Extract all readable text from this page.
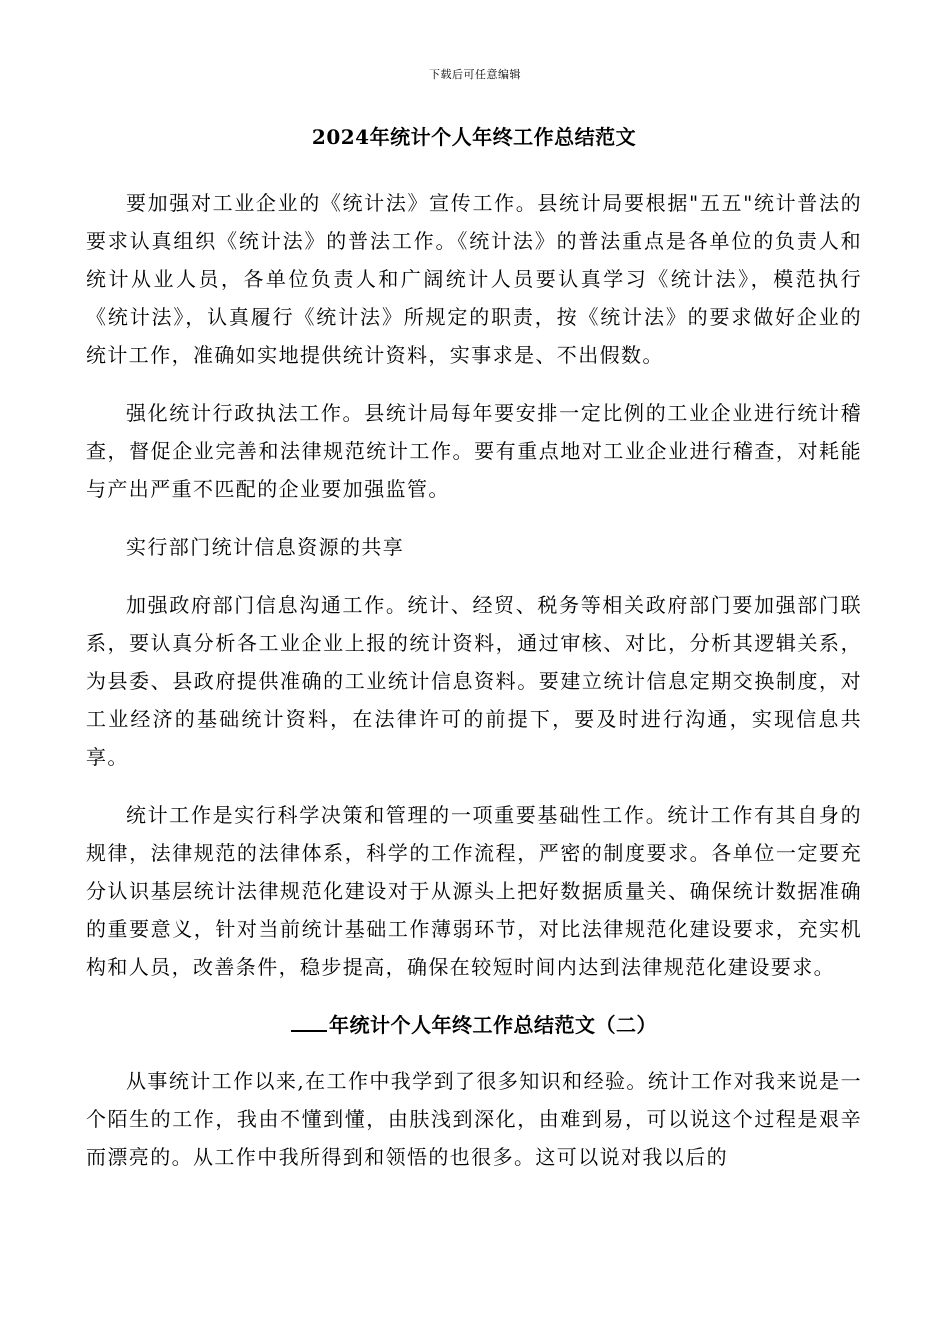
下载后可任意编辑
2024年统计个人年终工作总结范文

要加强对工业企业的《统计法》宣传工作。县统计局要根据"五五"统计普法的要求认真组织《统计法》的普法工作。《统计法》的普法重点是各单位的负责人和统计从业人员，各单位负责人和广阔统计人员要认真学习《统计法》，模范执行《统计法》，认真履行《统计法》所规定的职责，按《统计法》的要求做好企业的统计工作，准确如实地提供统计资料，实事求是、不出假数。

强化统计行政执法工作。县统计局每年要安排一定比例的工业企业进行统计稽查，督促企业完善和法律规范统计工作。要有重点地对工业企业进行稽查，对耗能与产出严重不匹配的企业要加强监管。

实行部门统计信息资源的共享

加强政府部门信息沟通工作。统计、经贸、税务等相关政府部门要加强部门联系，要认真分析各工业企业上报的统计资料，通过审核、对比，分析其逻辑关系，为县委、县政府提供准确的工业统计信息资料。要建立统计信息定期交换制度，对工业经济的基础统计资料，在法律许可的前提下，要及时进行沟通，实现信息共享。

统计工作是实行科学决策和管理的一项重要基础性工作。统计工作有其自身的规律，法律规范的法律体系，科学的工作流程，严密的制度要求。各单位一定要充分认识基层统计法律规范化建设对于从源头上把好数据质量关、确保统计数据准确的重要意义，针对当前统计基础工作薄弱环节，对比法律规范化建设要求，充实机构和人员，改善条件，稳步提高，确保在较短时间内达到法律规范化建设要求。

年统计个人年终工作总结范文（二）

从事统计工作以来,在工作中我学到了很多知识和经验。统计工作对我来说是一个陌生的工作，我由不懂到懂，由肤浅到深化，由难到易，可以说这个过程是艰辛而漂亮的。从工作中我所得到和领悟的也很多。这可以说对我以后的
